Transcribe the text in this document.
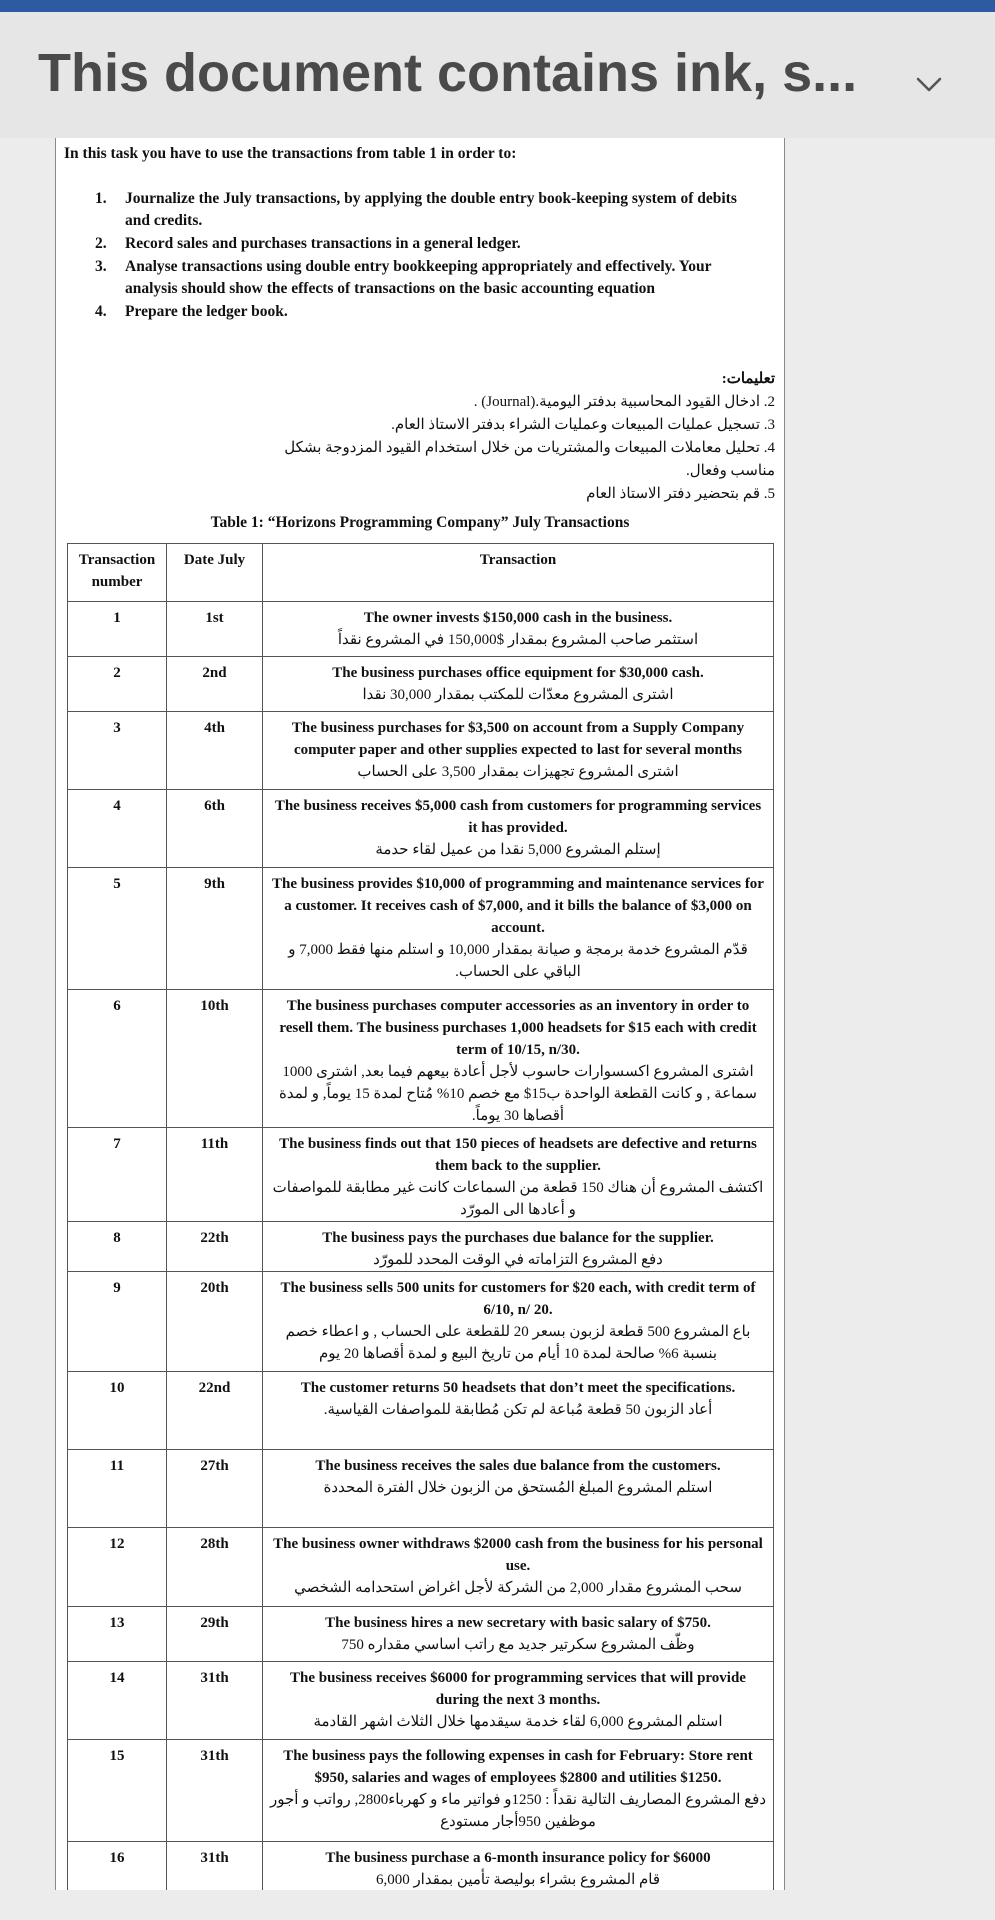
This document contains ink, s...
In this task you have to use the transactions from table 1 in order to:
1. Journalize the July transactions, by applying the double entry book-keeping system of debits and credits.
2. Record sales and purchases transactions in a general ledger.
3. Analyse transactions using double entry bookkeeping appropriately and effectively. Your analysis should show the effects of transactions on the basic accounting equation
4. Prepare the ledger book.
تعليمات:
2. ادخال القيود المحاسبية بدفتر اليومية.(Journal) .
3. تسجيل عمليات المبيعات وعمليات الشراء بدفتر الاستاذ العام.
4. تحليل معاملات المبيعات والمشتريات من خلال استخدام القيود المزدوجة بشكل مناسب وفعال.
5. قم بتحضير دفتر الاستاذ العام
Table 1: “Horizons Programming Company” July Transactions
Transaction number	Date July	Transaction
1	1st	The owner invests $150,000 cash in the business.
استثمر صاحب المشروع بمقدار $150,000 في المشروع نقداً

2	2nd	The business purchases office equipment for $30,000 cash.
اشترى المشروع معدّات للمكتب بمقدار 30,000 نقدا

3	4th	The business purchases for $3,500 on account from a Supply Company computer paper and other supplies expected to last for several months
اشترى المشروع تجهيزات بمقدار 3,500 على الحساب

4	6th	The business receives $5,000 cash from customers for programming services it has provided.
إستلم المشروع 5,000 نقدا من عميل لقاء حدمة

5	9th	The business provides $10,000 of programming and maintenance services for a customer. It receives cash of $7,000, and it bills the balance of $3,000 on account.
قدّم المشروع خدمة برمجة و صيانة بمقدار 10,000 و استلم منها فقط 7,000 و الباقي على الحساب.

6	10th	The business purchases computer accessories as an inventory in order to resell them. The business purchases 1,000 headsets for $15 each with credit term of 10/15, n/30.
اشترى المشروع اكسسوارات حاسوب لأجل أعادة بيعهم فيما بعد, اشترى 1000 سماعة , و كانت القطعة الواحدة ب15$ مع خصم 10% مُتاح لمدة 15 يوماً, و لمدة أقصاها 30 يوماً.

7	11th	The business finds out that 150 pieces of headsets are defective and returns them back to the supplier.
اكتشف المشروع أن هناك 150 قطعة من السماعات كانت غير مطابقة للمواصفات و أعادها الى المورّد

8	22th	The business pays the purchases due balance for the supplier.
دفع المشروع التزاماته في الوقت المحدد للمورّد

9	20th	The business sells 500 units for customers for $20 each, with credit term of 6/10, n/ 20.
باع المشروع 500 قطعة لزبون بسعر 20 للقطعة على الحساب , و اعطاء خصم بنسبة 6% صالحة لمدة 10 أيام من تاريخ البيع و لمدة أقصاها 20 يوم

10	22nd	The customer returns 50 headsets that don’t meet the specifications.
أعاد الزبون 50 قطعة مُباعة لم تكن مُطابقة للمواصفات القياسية.

11	27th	The business receives the sales due balance from the customers.
استلم المشروع المبلغ المُستحق من الزبون خلال الفترة المحددة

12	28th	The business owner withdraws $2000 cash from the business for his personal use.
سحب المشروع مقدار 2,000 من الشركة لأجل اغراض استحدامه الشخصي

13	29th	The business hires a new secretary with basic salary of $750.
وظّف المشروع سكرتير جديد مع راتب اساسي مقداره 750

14	31th	The business receives $6000 for programming services that will provide during the next 3 months.
استلم المشروع 6,000 لقاء خدمة سيقدمها خلال الثلاث اشهر القادمة

15	31th	The business pays the following expenses in cash for February: Store rent $950, salaries and wages of employees $2800 and utilities $1250.
دفع المشروع المصاريف التالية نقداً : 1250و فواتير ماء و كهرباء2800, رواتب و أجور موظفين 950أجار مستودع

16	31th	The business purchase a 6-month insurance policy for $6000
قام المشروع بشراء بوليصة تأمين بمقدار 6,000
